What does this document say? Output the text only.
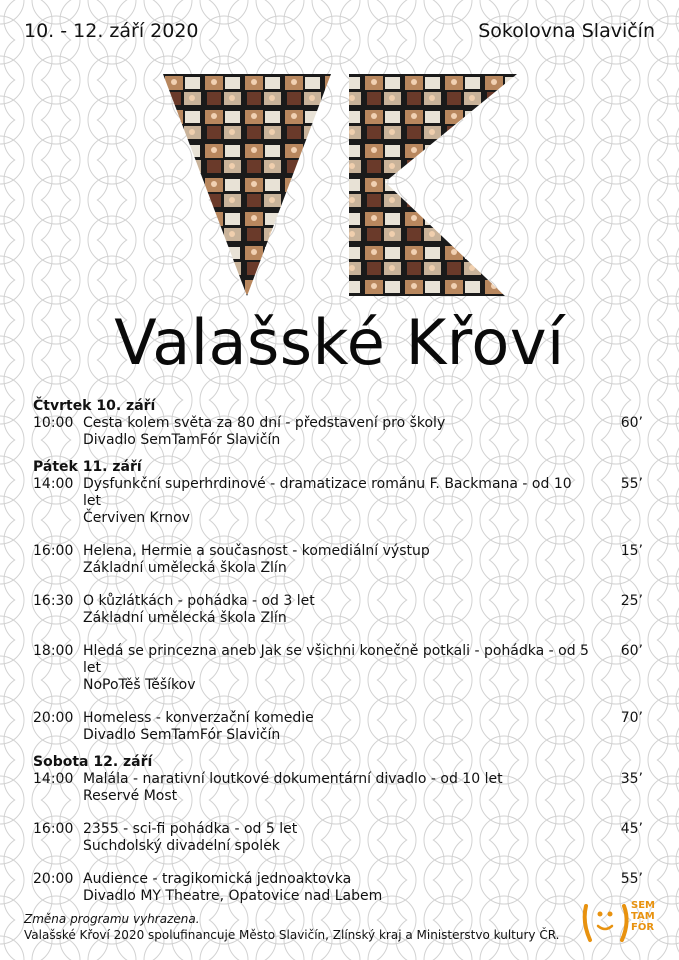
10. - 12. září 2020	Sokolovna Slavičín
Valašské Křoví
Čtvrtek 10. září
10:00 Cesta kolem světa za 80 dní - představení pro školy
Divadlo SemTamFór Slavičín
60’
Pátek 11. září
14:00 Dysfunkční superhrdinové - dramatizace románu F. Backmana - od 10 let
Červiven Krnov
55’
16:00 Helena, Hermie a současnost - komediální výstup
Základní umělecká škola Zlín
15’
16:30 O kůzlátkách - pohádka - od 3 let
Základní umělecká škola Zlín
25’
18:00 Hledá se princezna aneb Jak se všichni konečně potkali - pohádka - od 5 let
NoPoTěš Těšíkov
60’
20:00 Homeless - konverzační komedie
Divadlo SemTamFór Slavičín
70’
Sobota 12. září
14:00 Malála - narativní loutkové dokumentární divadlo - od 10 let
Reservé Most
35’
16:00 2355 - sci-fi pohádka - od 5 let
Suchdolský divadelní spolek
45’
20:00 Audience - tragikomická jednoaktovka
Divadlo MY Theatre, Opatovice nad Labem
55’

Změna programu vyhrazena.

Valašské Křoví 2020 spolufinancuje Město Slavičín, Zlínský kraj a Ministerstvo kultury ČR.

SEM
TAM
FÓR
